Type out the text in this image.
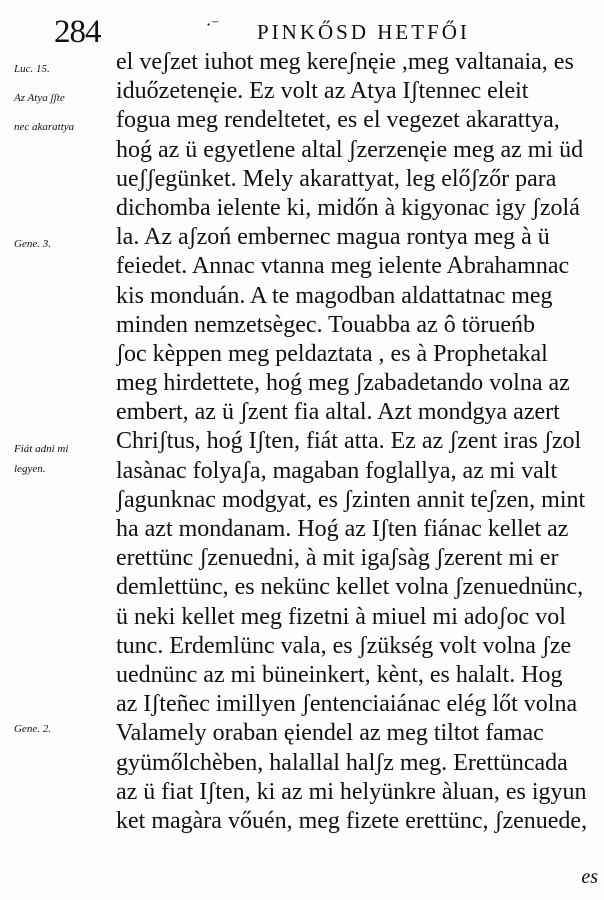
284	·⁻ PINKŐSD HETFŐI
Luc. 15.
Az Atya ʃʃte
nec akarattya
Gene. 3.
Fiát adni mi
legyen.
Gene. 2.
el veʃzet iuhot meg kereʃnęie ,meg valtanaia, es
iduőzetenęie. Ez volt az Atya Iʃtennec eleit
fogua meg rendeltetet, es el vegezet akarattya,
hoǵ az ü egyetlene altal ʃzerzenęie meg az mi üd
ueʃʃegünket. Mely akarattyat, leg előʃzőr para
dichomba ielente ki, midőn à kigyonac igy ʃzolá
la. Az aʃzoń embernec magua rontya meg à ü
feiedet. Annac vtanna meg ielente Abrahamnac
kis monduán. A te magodban aldattatnac meg
minden nemzetsègec. Touabba az ô törueńb
ʃoc kèppen meg peldaztata , es à Prophetakal
meg hirdettete, hoǵ meg ʃzabadetando volna az
embert, az ü ʃzent fia altal. Azt mondgya azert
Chriʃtus, hoǵ Iʃten, fiát atta. Ez az ʃzent iras ʃzol
lasànac folyaʃa, magaban foglallya, az mi valt
ʃagunknac modgyat, es ʃzinten annit teʃzen, mint
ha azt mondanam. Hoǵ az Iʃten fiánac kellet az
erettünc ʃzenuedni, à mit igaʃsàg ʃzerent mi er
demlettünc, es nekünc kellet volna ʃzenuednünc,
ü neki kellet meg fizetni à miuel mi adoʃoc vol
tunc. Erdemlünc vala, es ʃzükség volt volna ʃze
uednünc az mi büneinkert, kènt, es halalt. Hog
az Iʃteñec imillyen ʃentenciaiánac elég lőt volna
Valamely oraban ęiendel az meg tiltot famac
gyümőlchèben, halallal halʃz meg. Erettüncada
az ü fiat Iʃten, ki az mi helyünkre àluan, es igyun
ket magàra vőuén, meg fizete erettünc, ʃzenuede,
es
